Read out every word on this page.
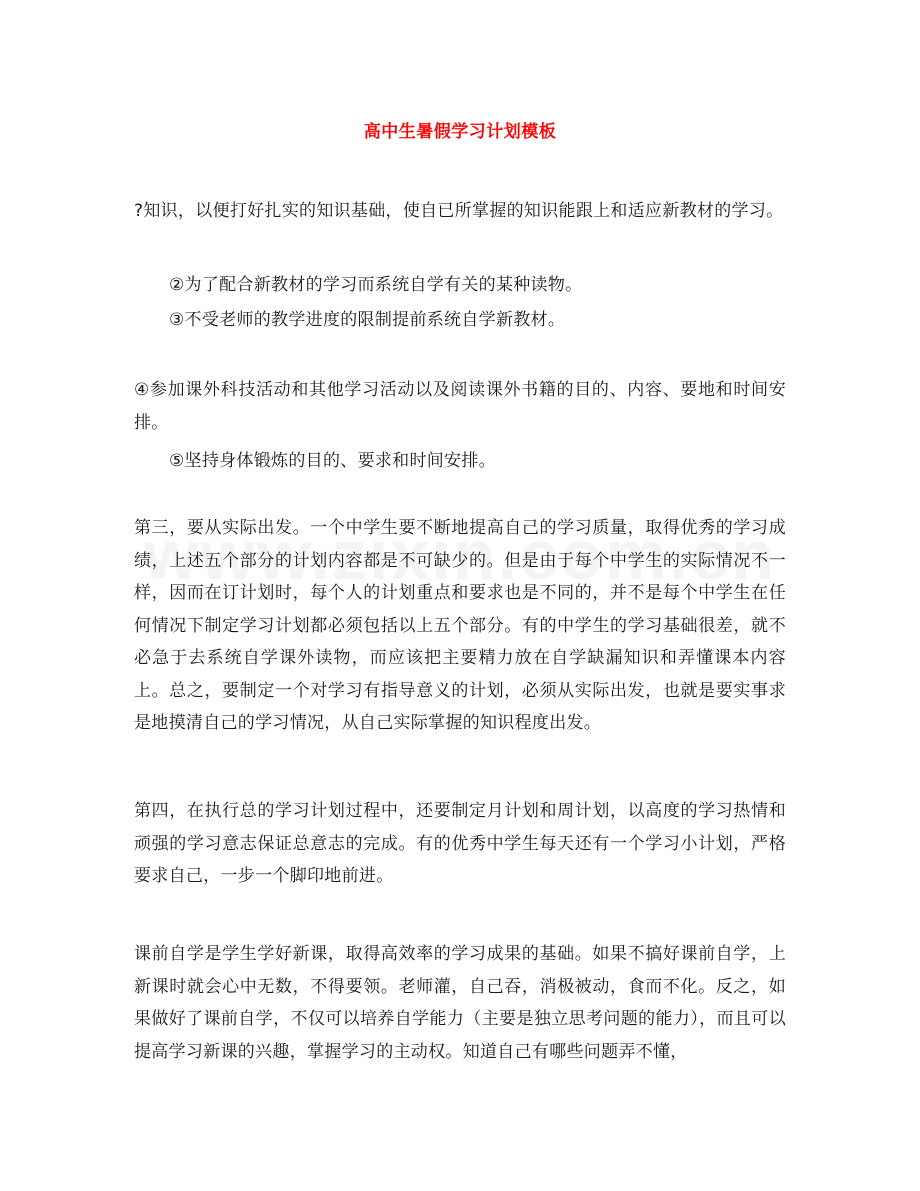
高中生暑假学习计划模板
?知识，以便打好扎实的知识基础，使自已所掌握的知识能跟上和适应新教材的学习。
②为了配合新教材的学习而系统自学有关的某种读物。
③不受老师的教学进度的限制提前系统自学新教材。
④参加课外科技活动和其他学习活动以及阅读课外书籍的目的、内容、要地和时间安排。
⑤坚持身体锻炼的目的、要求和时间安排。
第三，要从实际出发。一个中学生要不断地提高自己的学习质量，取得优秀的学习成绩，上述五个部分的计划内容都是不可缺少的。但是由于每个中学生的实际情况不一样，因而在订计划时，每个人的计划重点和要求也是不同的，并不是每个中学生在任何情况下制定学习计划都必须包括以上五个部分。有的中学生的学习基础很差，就不必急于去系统自学课外读物，而应该把主要精力放在自学缺漏知识和弄懂课本内容上。总之，要制定一个对学习有指导意义的计划，必须从实际出发，也就是要实事求是地摸清自己的学习情况，从自己实际掌握的知识程度出发。
第四，在执行总的学习计划过程中，还要制定月计划和周计划，以高度的学习热情和顽强的学习意志保证总意志的完成。有的优秀中学生每天还有一个学习小计划，严格要求自己，一步一个脚印地前进。
课前自学是学生学好新课，取得高效率的学习成果的基础。如果不搞好课前自学，上新课时就会心中无数，不得要领。老师灌，自己吞，消极被动，食而不化。反之，如果做好了课前自学，不仅可以培养自学能力（主要是独立思考问题的能力），而且可以提高学习新课的兴趣，掌握学习的主动权。知道自己有哪些问题弄不懂，
